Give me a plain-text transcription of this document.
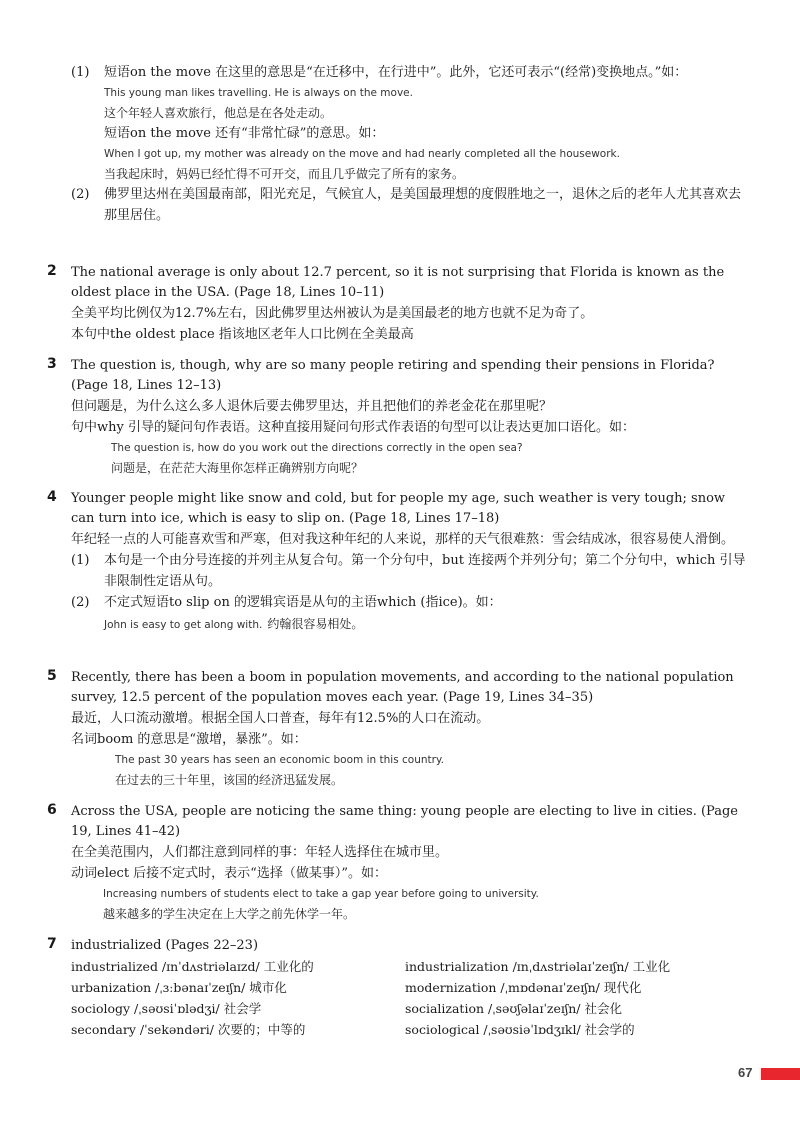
(1) 短语on the move 在这里的意思是“在迁移中，在行进中”。此外，它还可表示“(经常)变换地点。”如：

This young man likes travelling. He is always on the move.

这个年轻人喜欢旅行，他总是在各处走动。

短语on the move 还有“非常忙碌”的意思。如：

When I got up, my mother was already on the move and had nearly completed all the housework.

当我起床时，妈妈已经忙得不可开交，而且几乎做完了所有的家务。

(2) 佛罗里达州在美国最南部，阳光充足，气候宜人，是美国最理想的度假胜地之一，退休之后的老年人尤其喜欢去那里居住。

2	The national average is only about 12.7 percent, so it is not surprising that Florida is known as the oldest place in the USA. (Page 18, Lines 10–11)

全美平均比例仅为12.7%左右，因此佛罗里达州被认为是美国最老的地方也就不足为奇了。

本句中the oldest place 指该地区老年人口比例在全美最高

3	The question is, though, why are so many people retiring and spending their pensions in Florida? (Page 18, Lines 12–13)

但问题是，为什么这么多人退休后要去佛罗里达，并且把他们的养老金花在那里呢？

句中why 引导的疑问句作表语。这种直接用疑问句形式作表语的句型可以让表达更加口语化。如：

The question is, how do you work out the directions correctly in the open sea?

问题是，在茫茫大海里你怎样正确辨别方向呢？

4	Younger people might like snow and cold, but for people my age, such weather is very tough; snow can turn into ice, which is easy to slip on. (Page 18, Lines 17–18)

年纪轻一点的人可能喜欢雪和严寒，但对我这种年纪的人来说，那样的天气很难熬：雪会结成冰，很容易使人滑倒。

(1) 本句是一个由分号连接的并列主从复合句。第一个分句中，but 连接两个并列分句；第二个分句中，which 引导非限制性定语从句。

(2) 不定式短语to slip on 的逻辑宾语是从句的主语which (指ice)。如：

John is easy to get along with. 约翰很容易相处。
5	Recently, there has been a boom in population movements, and according to the national population survey, 12.5 percent of the population moves each year. (Page 19, Lines 34–35)

最近，人口流动激增。根据全国人口普查，每年有12.5%的人口在流动。

名词boom 的意思是“激增，暴涨”。如：

The past 30 years has seen an economic boom in this country.

在过去的三十年里，该国的经济迅猛发展。

6	Across the USA, people are noticing the same thing: young people are electing to live in cities. (Page 19, Lines 41–42)

在全美范围内，人们都注意到同样的事：年轻人选择住在城市里。

动词elect 后接不定式时，表示“选择（做某事）”。如：

Increasing numbers of students elect to take a gap year before going to university.

越来越多的学生决定在上大学之前先休学一年。

7	industrialized (Pages 22–23)

industrialized /ɪnˈdʌstriəlaɪzd/ 工业化的	industrialization /ɪnˌdʌstriəlaɪˈzeɪʃn/ 工业化
urbanization /ˌɜːbənaɪˈzeɪʃn/ 城市化	modernization /ˌmɒdənaɪˈzeɪʃn/ 现代化
sociology /ˌsəʊsiˈɒlədʒi/ 社会学	socialization /ˌsəʊʃəlaɪˈzeɪʃn/ 社会化
secondary /ˈsekəndəri/ 次要的；中等的	sociological /ˌsəʊsiəˈlɒdʒɪkl/ 社会学的
67
